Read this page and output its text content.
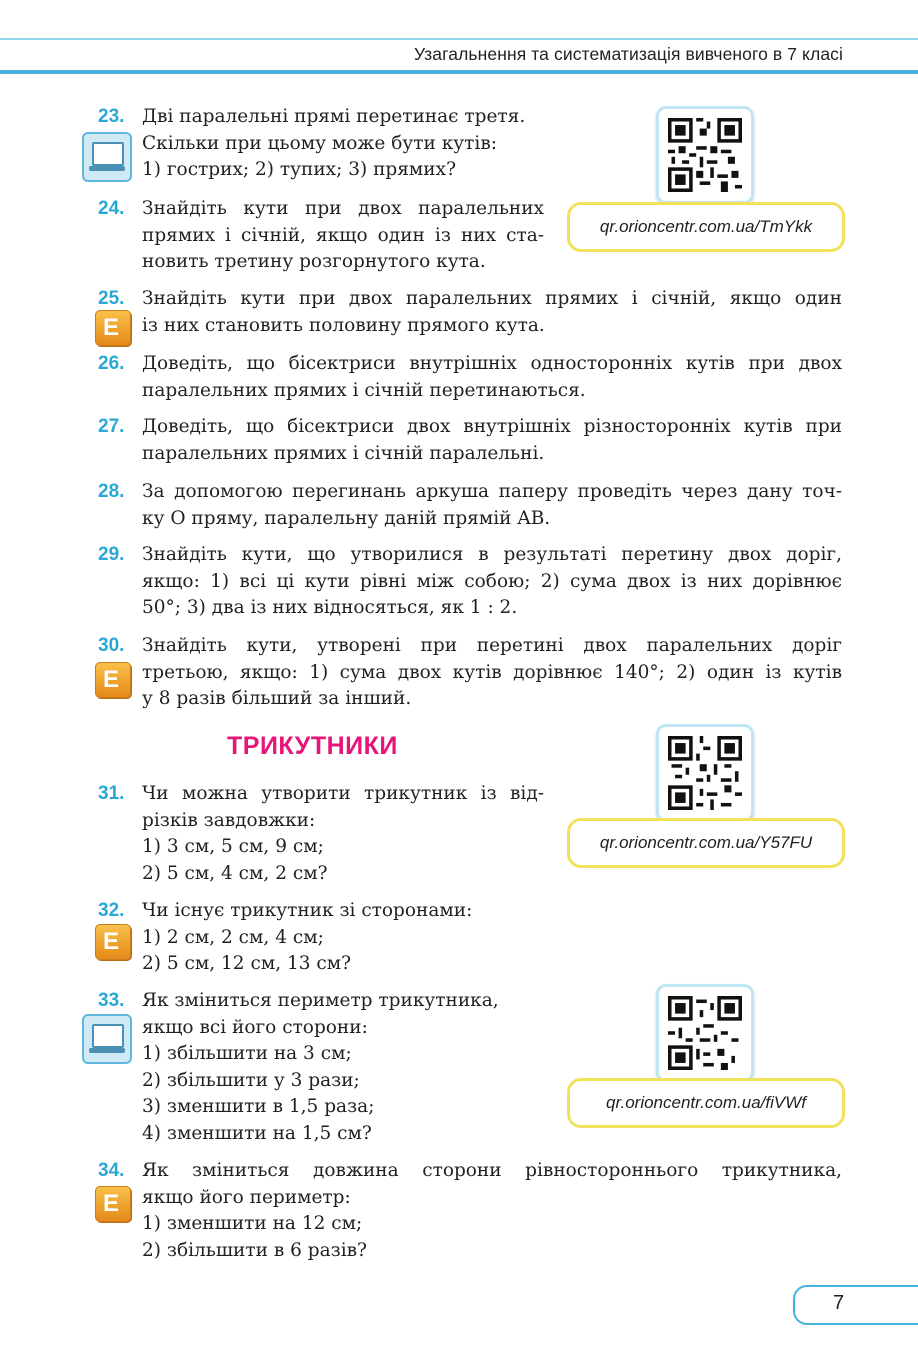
Узагальнення та систематизація вивченого в 7 класі
qr.orioncentr.com.ua/TmYkk
qr.orioncentr.com.ua/Y57FU
qr.orioncentr.com.ua/fiVWf
E
E
E
E
23. Дві паралельні прямі перетинає третя.
Скільки при цьому може бути кутів:
1) гострих; 2) тупих; 3) прямих?
24. Знайдіть кути при двох паралельних
прямих і січній, якщо один із них ста-
новить третину розгорнутого кута.
25. Знайдіть кути при двох паралельних прямих і січній, якщо один
із них становить половину прямого кута.
26. Доведіть, що бісектриси внутрішніх односторонніх кутів при двох
паралельних прямих і січній перетинаються.
27. Доведіть, що бісектриси двох внутрішніх різносторонніх кутів при
паралельних прямих і січній паралельні.
28. За допомогою перегинань аркуша паперу проведіть через дану точ-
ку O пряму, паралельну даній прямій AB.
29. Знайдіть кути, що утворилися в результаті перетину двох доріг,
якщо: 1) всі ці кути рівні між собою; 2) сума двох із них дорівнює
50°; 3) два із них відносяться, як 1 : 2.
30. Знайдіть кути, утворені при перетині двох паралельних доріг
третьою, якщо: 1) сума двох кутів дорівнює 140°; 2) один із кутів
у 8 разів більший за інший.
ТРИКУТНИКИ
31. Чи можна утворити трикутник із від-
різків завдовжки:
1) 3 см, 5 см, 9 см;
2) 5 см, 4 см, 2 см?
32. Чи існує трикутник зі сторонами:
1) 2 см, 2 см, 4 см;
2) 5 см, 12 см, 13 см?
33. Як зміниться периметр трикутника,
якщо всі його сторони:
1) збільшити на 3 см;
2) збільшити у 3 рази;
3) зменшити в 1,5 раза;
4) зменшити на 1,5 см?
34. Як зміниться довжина сторони рівностороннього трикутника,
якщо його периметр:
1) зменшити на 12 см;
2) збільшити в 6 разів?
7
